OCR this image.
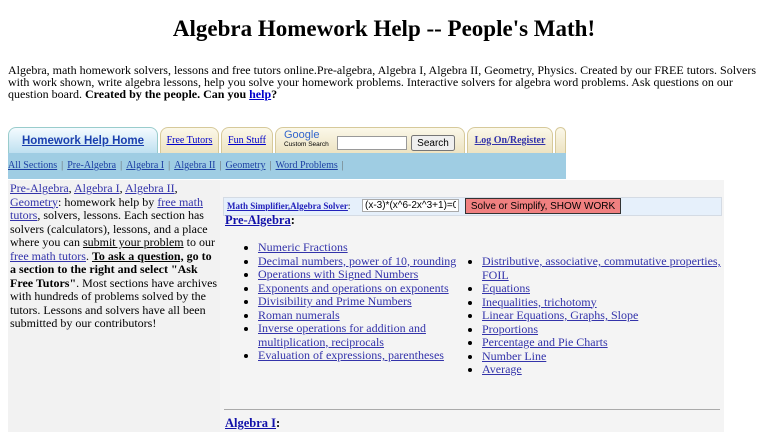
Algebra Homework Help -- People's Math!
Algebra, math homework solvers, lessons and free tutors online.Pre-algebra, Algebra I, Algebra II, Geometry, Physics. Created by our FREE tutors. Solvers with work shown, write algebra lessons, help you solve your homework problems. Interactive solvers for algebra word problems. Ask questions on our question board. Created by the people. Can you help?
Homework Help Home	Free Tutors	Fun Stuff	Google
Custom Search	Search	Log On/Register
All Sections | Pre-Algebra | Algebra I | Algebra II | Geometry | Word Problems |
Pre-Algebra, Algebra I, Algebra II, Geometry: homework help by free math tutors, solvers, lessons. Each section has solvers (calculators), lessons, and a place where you can submit your problem to our free math tutors. To ask a question, go to a section to the right and select "Ask Free Tutors". Most sections have archives with hundreds of problems solved by the tutors. Lessons and solvers have all been submitted by our contributors!
Math Simplifier,Algebra Solver:
(x-3)*(x^6-2x^3+1)=0	Solve or Simplify, SHOW WORK
Pre-Algebra:
• Numeric Fractions
• Decimal numbers, power of 10, rounding
• Operations with Signed Numbers
• Exponents and operations on exponents
• Divisibility and Prime Numbers
• Roman numerals
• Inverse operations for addition and multiplication, reciprocals
• Evaluation of expressions, parentheses
• Distributive, associative, commutative properties, FOIL
• Equations
• Inequalities, trichotomy
• Linear Equations, Graphs, Slope
• Proportions
• Percentage and Pie Charts
• Number Line
• Average
Algebra I:
